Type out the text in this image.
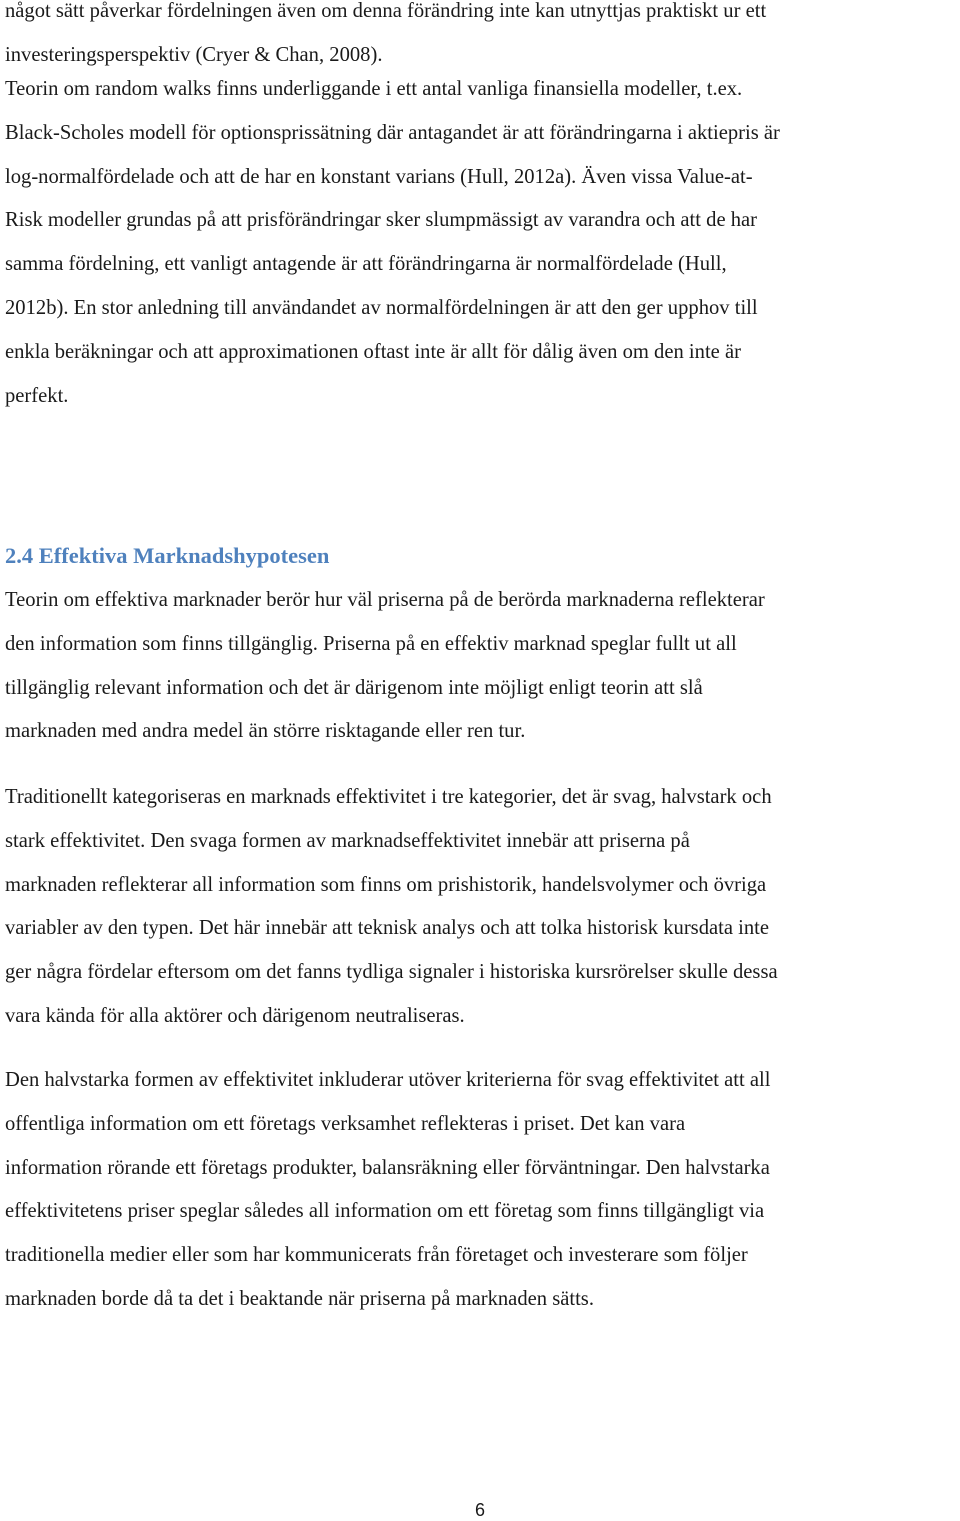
något sätt påverkar fördelningen även om denna förändring inte kan utnyttjas praktiskt ur ett
investeringsperspektiv (Cryer & Chan, 2008).
Teorin om random walks finns underliggande i ett antal vanliga finansiella modeller, t.ex.
Black-Scholes modell för optionsprissätning där antagandet är att förändringarna i aktiepris är
log-normalfördelade och att de har en konstant varians (Hull, 2012a). Även vissa Value-at-
Risk modeller grundas på att prisförändringar sker slumpmässigt av varandra och att de har
samma fördelning, ett vanligt antagende är att förändringarna är normalfördelade (Hull,
2012b). En stor anledning till användandet av normalfördelningen är att den ger upphov till
enkla beräkningar och att approximationen oftast inte är allt för dålig även om den inte är
perfekt.
2.4 Effektiva Marknadshypotesen
Teorin om effektiva marknader berör hur väl priserna på de berörda marknaderna reflekterar
den information som finns tillgänglig. Priserna på en effektiv marknad speglar fullt ut all
tillgänglig relevant information och det är därigenom inte möjligt enligt teorin att slå
marknaden med andra medel än större risktagande eller ren tur.
Traditionellt kategoriseras en marknads effektivitet i tre kategorier, det är svag, halvstark och
stark effektivitet. Den svaga formen av marknadseffektivitet innebär att priserna på
marknaden reflekterar all information som finns om prishistorik, handelsvolymer och övriga
variabler av den typen. Det här innebär att teknisk analys och att tolka historisk kursdata inte
ger några fördelar eftersom om det fanns tydliga signaler i historiska kursrörelser skulle dessa
vara kända för alla aktörer och därigenom neutraliseras.
Den halvstarka formen av effektivitet inkluderar utöver kriterierna för svag effektivitet att all
offentliga information om ett företags verksamhet reflekteras i priset. Det kan vara
information rörande ett företags produkter, balansräkning eller förväntningar. Den halvstarka
effektivitetens priser speglar således all information om ett företag som finns tillgängligt via
traditionella medier eller som har kommunicerats från företaget och investerare som följer
marknaden borde då ta det i beaktande när priserna på marknaden sätts.
6
